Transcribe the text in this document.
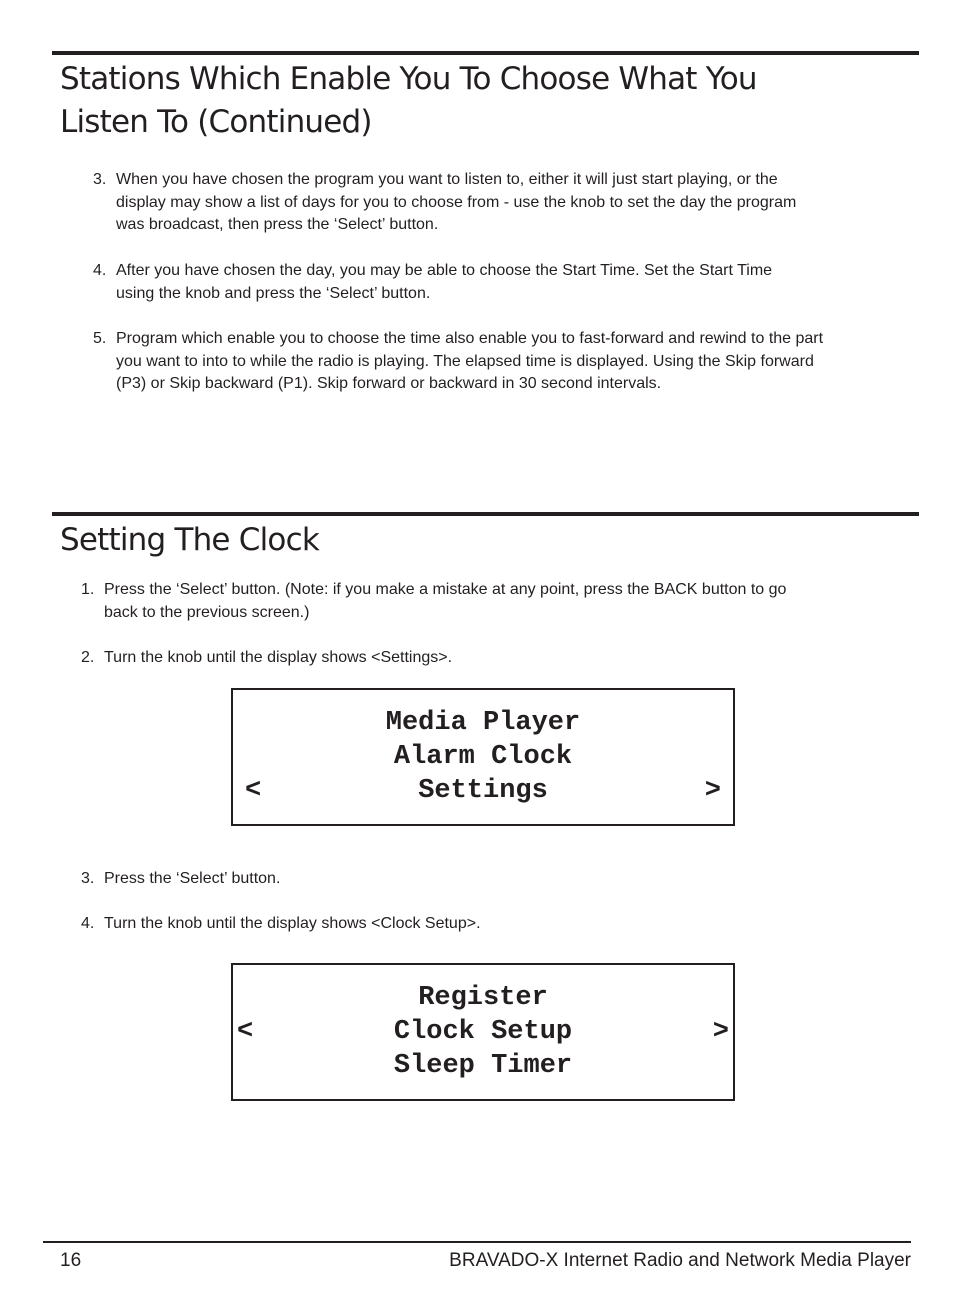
Stations Which Enable You To Choose What You
Listen To (Continued)
3. When you have chosen the program you want to listen to, either it will just start playing, or the display may show a list of days for you to choose from - use the knob to set the day the program was broadcast, then press the ‘Select’ button.
4. After you have chosen the day, you may be able to choose the Start Time. Set the Start Time using the knob and press the ‘Select’ button.
5. Program which enable you to choose the time also enable you to fast-forward and rewind to the part you want to into to while the radio is playing. The elapsed time is displayed. Using the Skip forward (P3) or Skip backward (P1). Skip forward or backward in 30 second intervals.
Setting The Clock
1. Press the ‘Select’ button. (Note: if you make a mistake at any point, press the BACK button to go back to the previous screen.)
2. Turn the knob until the display shows <Settings>.
Media Player
Alarm Clock
Settings
<	>
3. Press the ‘Select’ button.
4. Turn the knob until the display shows <Clock Setup>.
Register
Clock Setup
Sleep Timer
<	>
16	BRAVADO-X Internet Radio and Network Media Player
